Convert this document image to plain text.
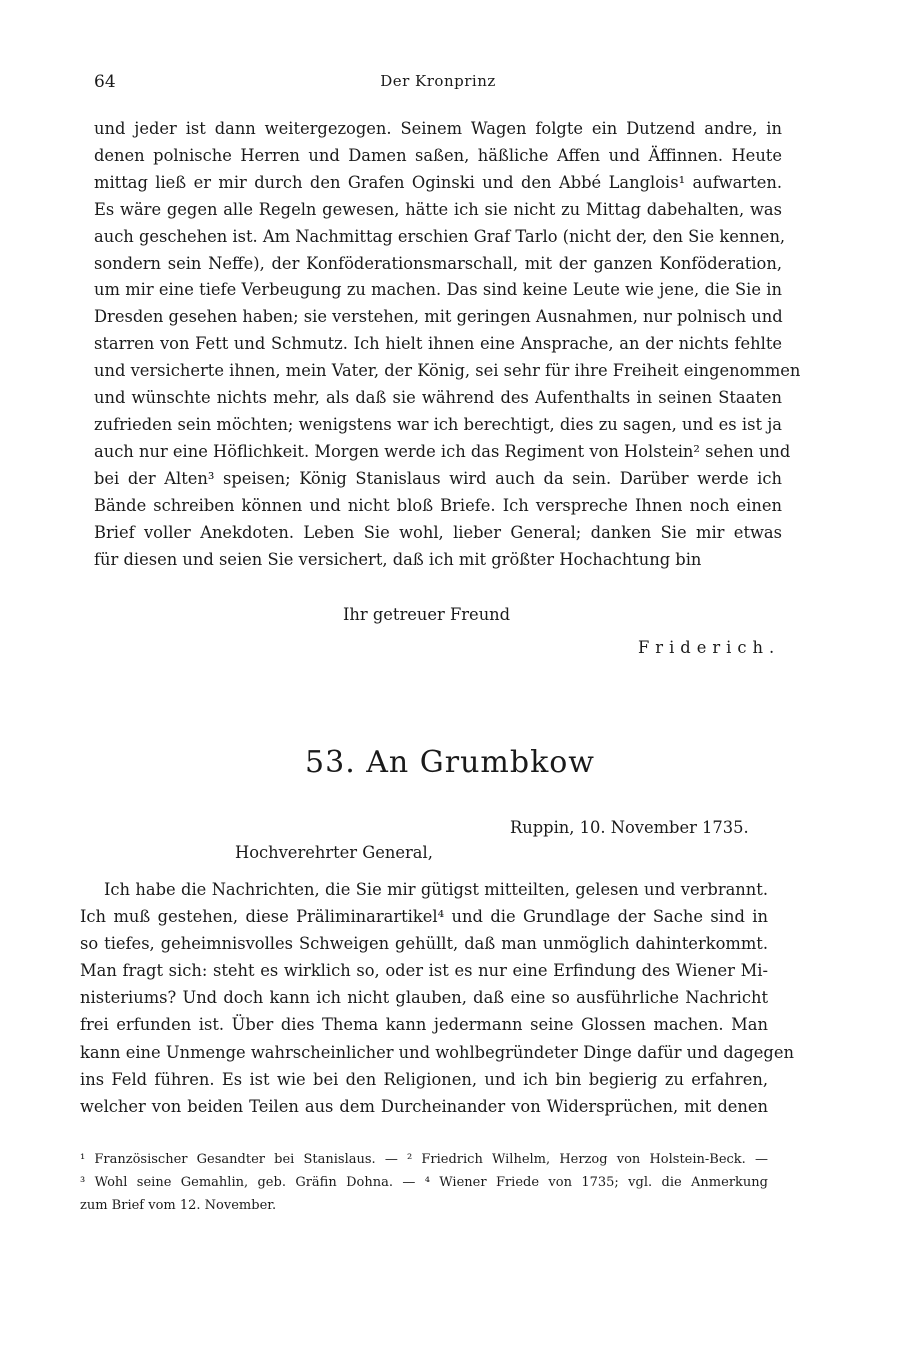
64	Der Kronprinz
und jeder ist dann weitergezogen. Seinem Wagen folgte ein Dutzend andre, in
denen polnische Herren und Damen saßen, häßliche Affen und Äffinnen. Heute
mittag ließ er mir durch den Grafen Oginski und den Abbé Langlois¹ aufwarten.
Es wäre gegen alle Regeln gewesen, hätte ich sie nicht zu Mittag dabehalten, was
auch geschehen ist. Am Nachmittag erschien Graf Tarlo (nicht der, den Sie kennen,
sondern sein Neffe), der Konföderationsmarschall, mit der ganzen Konföderation,
um mir eine tiefe Verbeugung zu machen. Das sind keine Leute wie jene, die Sie in
Dresden gesehen haben; sie verstehen, mit geringen Ausnahmen, nur polnisch und
starren von Fett und Schmutz. Ich hielt ihnen eine Ansprache, an der nichts fehlte
und versicherte ihnen, mein Vater, der König, sei sehr für ihre Freiheit eingenommen
und wünschte nichts mehr, als daß sie während des Aufenthalts in seinen Staaten
zufrieden sein möchten; wenigstens war ich berechtigt, dies zu sagen, und es ist ja
auch nur eine Höflichkeit. Morgen werde ich das Regiment von Holstein² sehen und
bei der Alten³ speisen; König Stanislaus wird auch da sein. Darüber werde ich
Bände schreiben können und nicht bloß Briefe. Ich verspreche Ihnen noch einen
Brief voller Anekdoten. Leben Sie wohl, lieber General; danken Sie mir etwas
für diesen und seien Sie versichert, daß ich mit größter Hochachtung bin
Ihr getreuer Freund
Friderich.
53. An Grumbkow
Ruppin, 10. November 1735.
Hochverehrter General,
Ich habe die Nachrichten, die Sie mir gütigst mitteilten, gelesen und verbrannt.
Ich muß gestehen, diese Präliminarartikel⁴ und die Grundlage der Sache sind in
so tiefes, geheimnisvolles Schweigen gehüllt, daß man unmöglich dahinterkommt.
Man fragt sich: steht es wirklich so, oder ist es nur eine Erfindung des Wiener Mi-
nisteriums? Und doch kann ich nicht glauben, daß eine so ausführliche Nachricht
frei erfunden ist. Über dies Thema kann jedermann seine Glossen machen. Man
kann eine Unmenge wahrscheinlicher und wohlbegründeter Dinge dafür und dagegen
ins Feld führen. Es ist wie bei den Religionen, und ich bin begierig zu erfahren,
welcher von beiden Teilen aus dem Durcheinander von Widersprüchen, mit denen
¹ Französischer Gesandter bei Stanislaus. — ² Friedrich Wilhelm, Herzog von Holstein-Beck. —
³ Wohl seine Gemahlin, geb. Gräfin Dohna. — ⁴ Wiener Friede von 1735; vgl. die Anmerkung
zum Brief vom 12. November.
